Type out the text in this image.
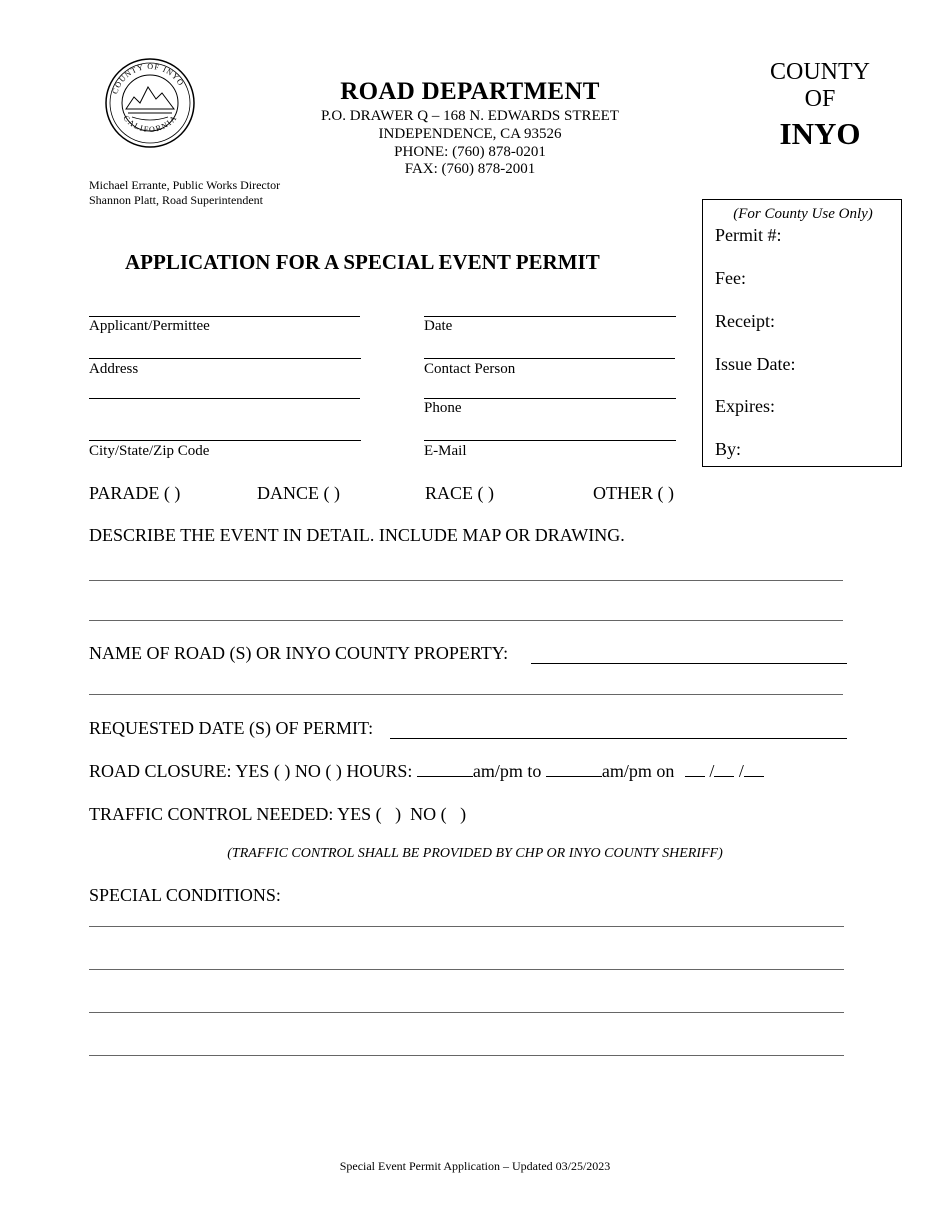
COUNTY OF INYO
CALIFORNIA
ROAD DEPARTMENT
P.O. DRAWER Q – 168 N. EDWARDS STREET
INDEPENDENCE, CA 93526
PHONE: (760) 878-0201
FAX: (760) 878-2001
COUNTY
OF
INYO
Michael Errante, Public Works Director
Shannon Platt, Road Superintendent
APPLICATION FOR A SPECIAL EVENT PERMIT
(For County Use Only)
Permit #:
Fee:
Receipt:
Issue Date:
Expires:
By:
Applicant/Permittee
Address
City/State/Zip Code
Date
Contact Person
Phone
E-Mail
PARADE ( )	DANCE ( )	RACE ( )	OTHER ( )
DESCRIBE THE EVENT IN DETAIL. INCLUDE MAP OR DRAWING.
NAME OF ROAD (S) OR INYO COUNTY PROPERTY:
REQUESTED DATE (S) OF PERMIT:
ROAD CLOSURE: YES ( ) NO ( ) HOURS:	am/pm to	am/pm on / /
TRAFFIC CONTROL NEEDED: YES (   )  NO (   )
(TRAFFIC CONTROL SHALL BE PROVIDED BY CHP OR INYO COUNTY SHERIFF)
SPECIAL CONDITIONS:
Special Event Permit Application – Updated 03/25/2023
